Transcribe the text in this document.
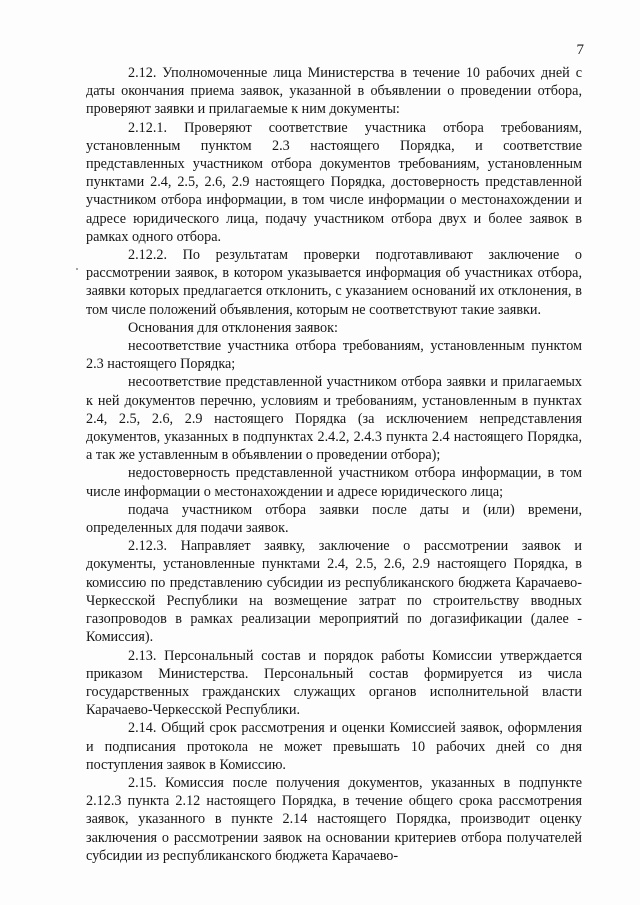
7

2.12. Уполномоченные лица Министерства в течение 10 рабочих дней с даты окончания приема заявок, указанной в объявлении о проведении отбора, проверяют заявки и прилагаемые к ним документы:

2.12.1. Проверяют соответствие участника отбора требованиям, установленным пунктом 2.3 настоящего Порядка, и соответствие представленных участником отбора документов требованиям, установленным пунктами 2.4, 2.5, 2.6, 2.9 настоящего Порядка, достоверность представленной участником отбора информации, в том числе информации о местонахождении и адресе юридического лица, подачу участником отбора двух и более заявок в рамках одного отбора.

2.12.2. По результатам проверки подготавливают заключение о рассмотрении заявок, в котором указывается информация об участниках отбора, заявки которых предлагается отклонить, с указанием оснований их отклонения, в том числе положений объявления, которым не соответствуют такие заявки.

Основания для отклонения заявок:

несоответствие участника отбора требованиям, установленным пунктом 2.3 настоящего Порядка;

несоответствие представленной участником отбора заявки и прилагаемых к ней документов перечню, условиям и требованиям, установленным в пунктах 2.4, 2.5, 2.6, 2.9 настоящего Порядка (за исключением непредставления документов, указанных в подпунктах 2.4.2, 2.4.3 пункта 2.4 настоящего Порядка, а так же уставленным в объявлении о проведении отбора);

недостоверность представленной участником отбора информации, в том числе информации о местонахождении и адресе юридического лица;

подача участником отбора заявки после даты и (или) времени, определенных для подачи заявок.

2.12.3. Направляет заявку, заключение о рассмотрении заявок и документы, установленные пунктами 2.4, 2.5, 2.6, 2.9 настоящего Порядка, в комиссию по представлению субсидии из республиканского бюджета Карачаево-Черкесской Республики на возмещение затрат по строительству вводных газопроводов в рамках реализации мероприятий по догазификации (далее - Комиссия).

2.13. Персональный состав и порядок работы Комиссии утверждается приказом Министерства. Персональный состав формируется из числа государственных гражданских служащих органов исполнительной власти Карачаево-Черкесской Республики.

2.14. Общий срок рассмотрения и оценки Комиссией заявок, оформления и подписания протокола не может превышать 10 рабочих дней со дня поступления заявок в Комиссию.

2.15. Комиссия после получения документов, указанных в подпункте 2.12.3 пункта 2.12 настоящего Порядка, в течение общего срока рассмотрения заявок, указанного в пункте 2.14 настоящего Порядка, производит оценку заключения о рассмотрении заявок на основании критериев отбора получателей субсидии из республиканского бюджета Карачаево-
